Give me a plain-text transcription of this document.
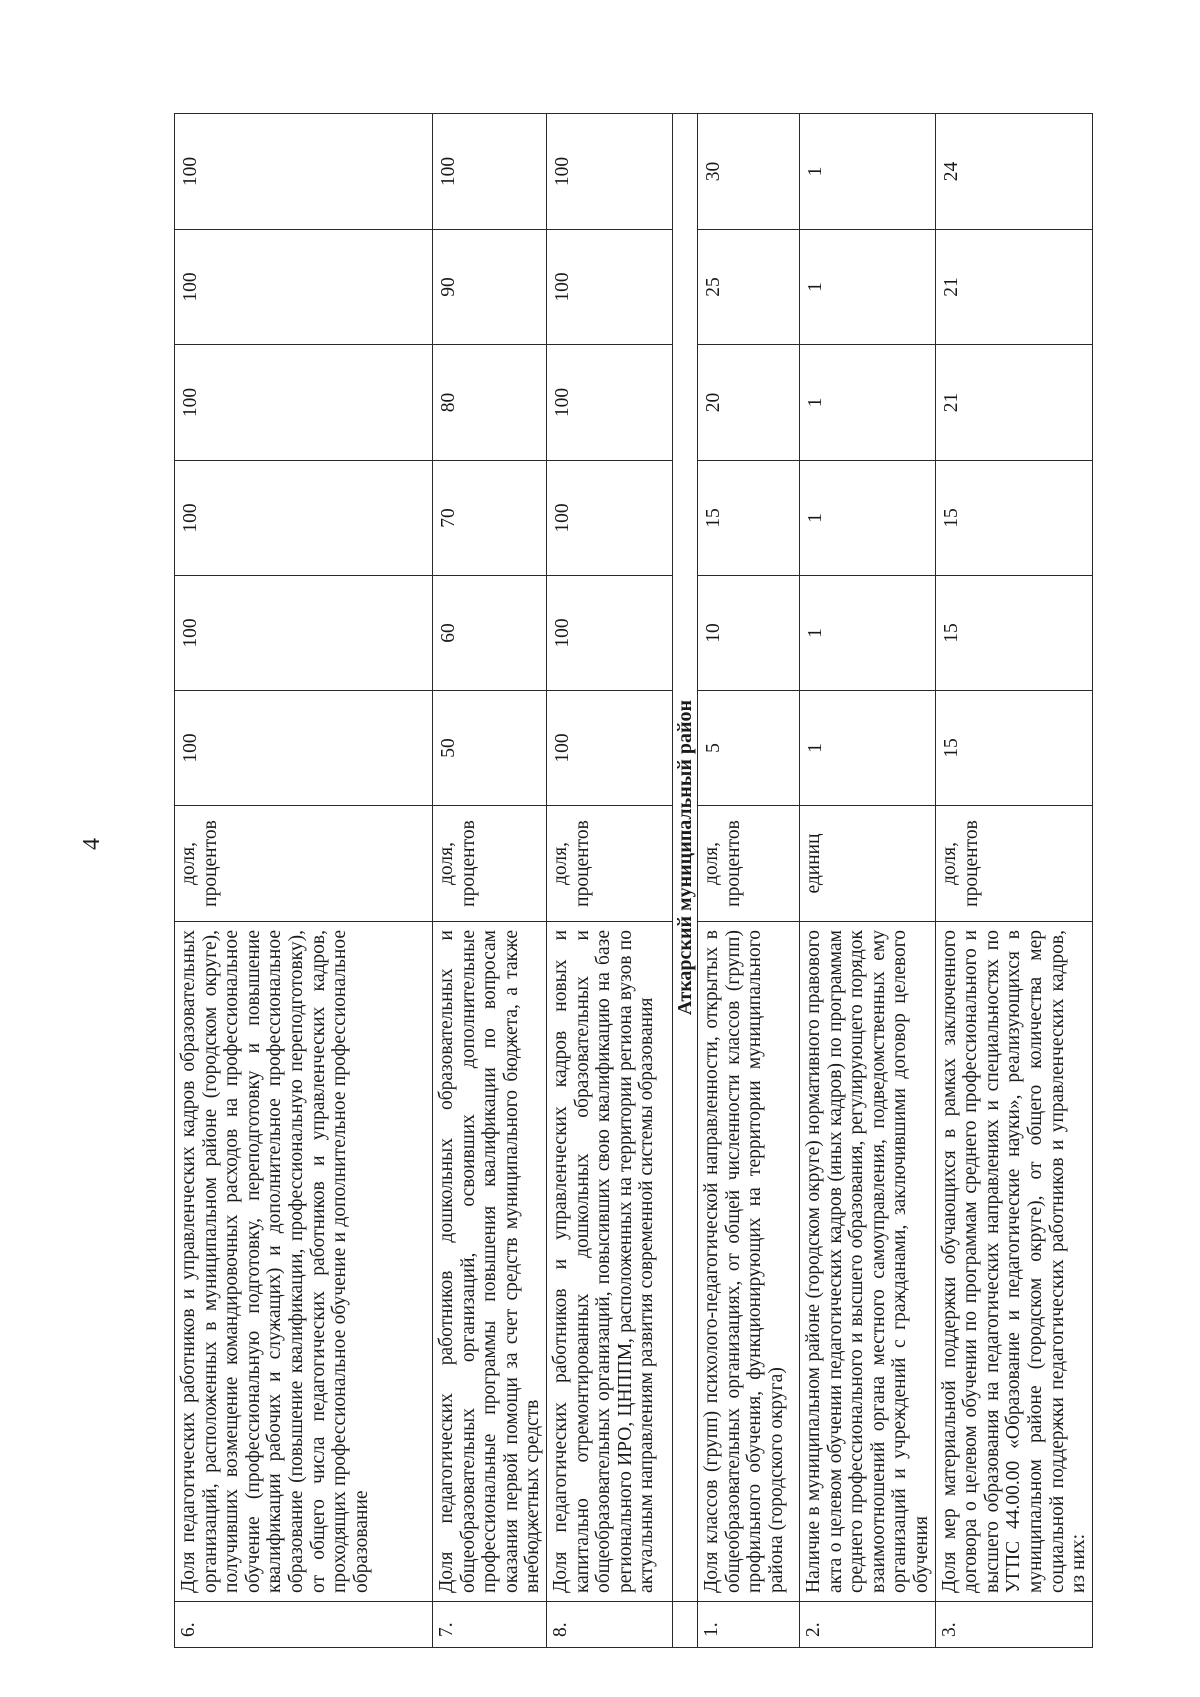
4
6.	Доля педагогических работников и управленческих кадров образовательных организаций, расположенных в муниципальном районе (городском округе), получивших возмещение командировочных расходов на профессиональное обучение (профессиональную подготовку, переподготовку и повышение квалификации рабочих и служащих) и дополнительное профессиональное образование (повышение квалификации, профессиональную переподготовку), от общего числа педагогических работников и управленческих кадров, проходящих профессиональное обучение и дополнительное профессиональное образование	доля, процентов	100	100	100	100	100	100
7.	Доля педагогических работников дошкольных образовательных и общеобразовательных организаций, освоивших дополнительные профессиональные программы повышения квалификации по вопросам оказания первой помощи за счет средств муниципального бюджета, а также внебюджетных средств	доля, процентов	50	60	70	80	90	100
8.	Доля педагогических работников и управленческих кадров новых и капитально отремонтированных дошкольных образовательных и общеобразовательных организаций, повысивших свою квалификацию на базе регионального ИРО, ЦНППМ, расположенных на территории региона вузов по актуальным направлениям развития современной системы образования	доля, процентов	100	100	100	100	100	100
	Аткарский муниципальный район							
1.	Доля классов (групп) психолого-педагогической направленности, открытых в общеобразовательных организациях, от общей численности классов (групп) профильного обучения, функционирующих на территории муниципального района (городского округа)	доля, процентов	5	10	15	20	25	30
2.	Наличие в муниципальном районе (городском округе) нормативного правового акта о целевом обучении педагогических кадров (иных кадров) по программам среднего профессионального и высшего образования, регулирующего порядок взаимоотношений органа местного самоуправления, подведомственных ему организаций и учреждений с гражданами, заключившими договор целевого обучения	единиц	1	1	1	1	1	1
3.	Доля мер материальной поддержки обучающихся в рамках заключенного договора о целевом обучении по программам среднего профессионального и высшего образования на педагогических направлениях и специальностях по УГПС 44.00.00 «Образование и педагогические науки», реализующихся в муниципальном районе (городском округе), от общего количества мер социальной поддержки педагогических работников и управленческих кадров, из них:	доля, процентов	15	15	15	21	21	24
